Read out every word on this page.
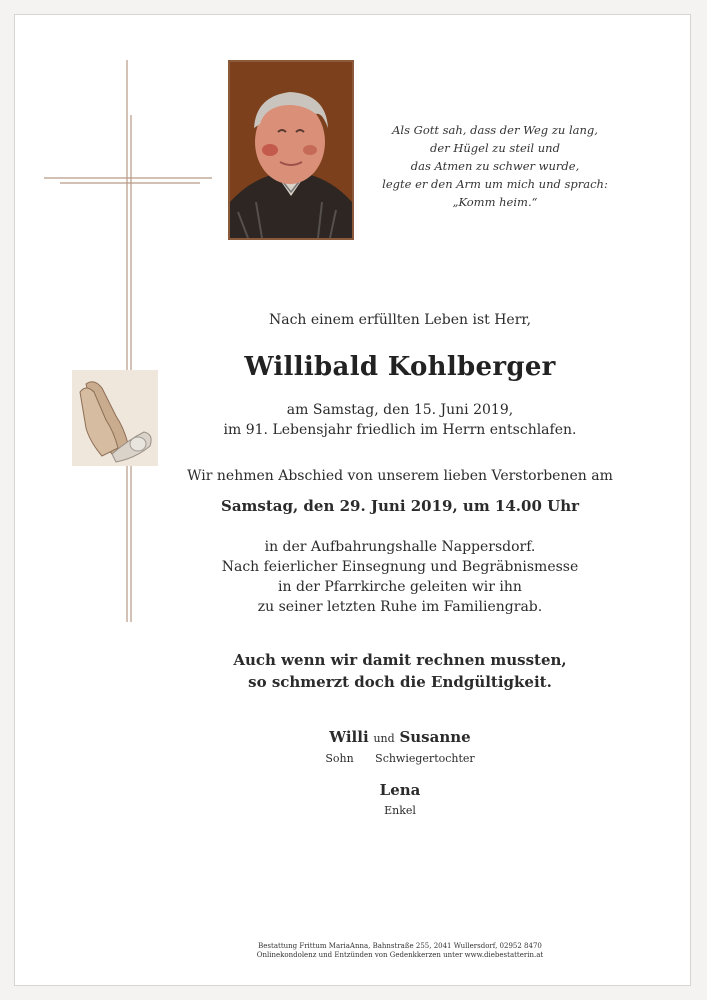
Als Gott sah, dass der Weg zu lang,
der Hügel zu steil und
das Atmen zu schwer wurde,
legte er den Arm um mich und sprach:
„Komm heim.“
Nach einem erfüllten Leben ist Herr,
Willibald Kohlberger
am Samstag, den 15. Juni 2019,
im 91. Lebensjahr friedlich im Herrn entschlafen.
Wir nehmen Abschied von unserem lieben Verstorbenen am
Samstag, den 29. Juni 2019, um 14.00 Uhr
in der Aufbahrungshalle Nappersdorf.
Nach feierlicher Einsegnung und Begräbnismesse
in der Pfarrkirche geleiten wir ihn
zu seiner letzten Ruhe im Familiengrab.
Auch wenn wir damit rechnen mussten,
so schmerzt doch die Endgültigkeit.
Willi und Susanne
Sohn Schwiegertochter
Lena
Enkel
Bestattung Frittum MariaAnna, Bahnstraße 255, 2041 Wullersdorf, 02952 8470
Onlinekondolenz und Entzünden von Gedenkkerzen unter www.diebestatterin.at
